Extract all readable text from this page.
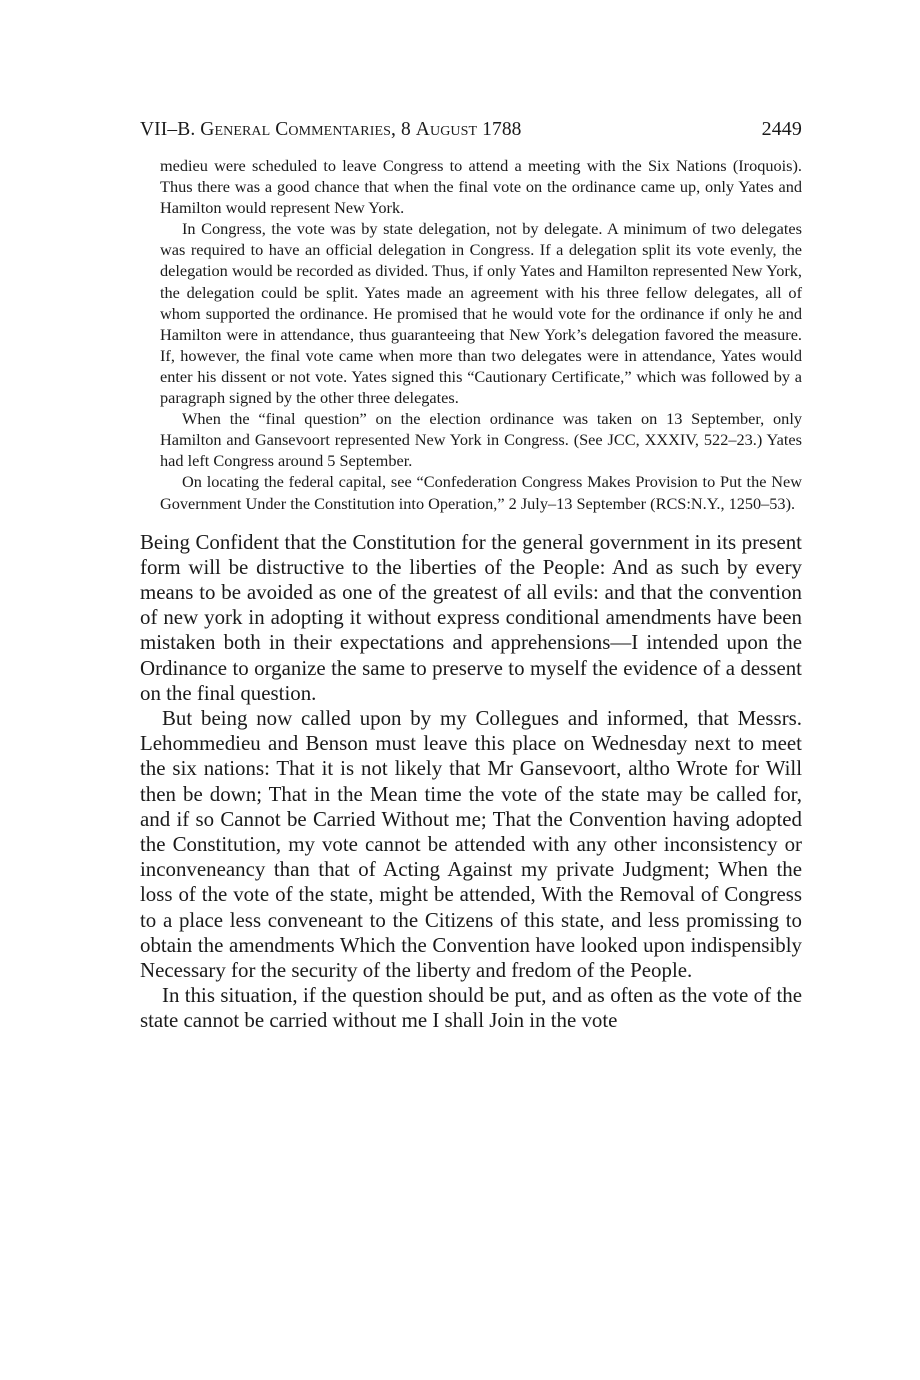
VII–B. General Commentaries, 8 August 1788	2449

medieu were scheduled to leave Congress to attend a meeting with the Six Nations (Iroquois). Thus there was a good chance that when the final vote on the ordinance came up, only Yates and Hamilton would represent New York.

In Congress, the vote was by state delegation, not by delegate. A minimum of two delegates was required to have an official delegation in Congress. If a delegation split its vote evenly, the delegation would be recorded as divided. Thus, if only Yates and Hamilton represented New York, the delegation could be split. Yates made an agreement with his three fellow delegates, all of whom supported the ordinance. He promised that he would vote for the ordinance if only he and Hamilton were in attendance, thus guaranteeing that New York’s delegation favored the measure. If, however, the final vote came when more than two delegates were in attendance, Yates would enter his dissent or not vote. Yates signed this “Cautionary Certificate,” which was followed by a paragraph signed by the other three delegates.

When the “final question” on the election ordinance was taken on 13 September, only Hamilton and Gansevoort represented New York in Congress. (See JCC, XXXIV, 522–23.) Yates had left Congress around 5 September.

On locating the federal capital, see “Confederation Congress Makes Provision to Put the New Government Under the Constitution into Operation,” 2 July–13 September (RCS:N.Y., 1250–53).

Being Confident that the Constitution for the general government in its present form will be distructive to the liberties of the People: And as such by every means to be avoided as one of the greatest of all evils: and that the convention of new york in adopting it without express conditional amendments have been mistaken both in their expectations and apprehensions—I intended upon the Ordinance to organize the same to preserve to myself the evidence of a dessent on the final question.

But being now called upon by my Collegues and informed, that Messrs. Lehommedieu and Benson must leave this place on Wednesday next to meet the six nations: That it is not likely that Mr Gansevoort, altho Wrote for Will then be down; That in the Mean time the vote of the state may be called for, and if so Cannot be Carried Without me; That the Convention having adopted the Constitution, my vote cannot be attended with any other inconsistency or inconveneancy than that of Acting Against my private Judgment; When the loss of the vote of the state, might be attended, With the Removal of Congress to a place less conveneant to the Citizens of this state, and less promissing to obtain the amendments Which the Convention have looked upon indispensibly Necessary for the security of the liberty and fredom of the People.

In this situation, if the question should be put, and as often as the vote of the state cannot be carried without me I shall Join in the vote
